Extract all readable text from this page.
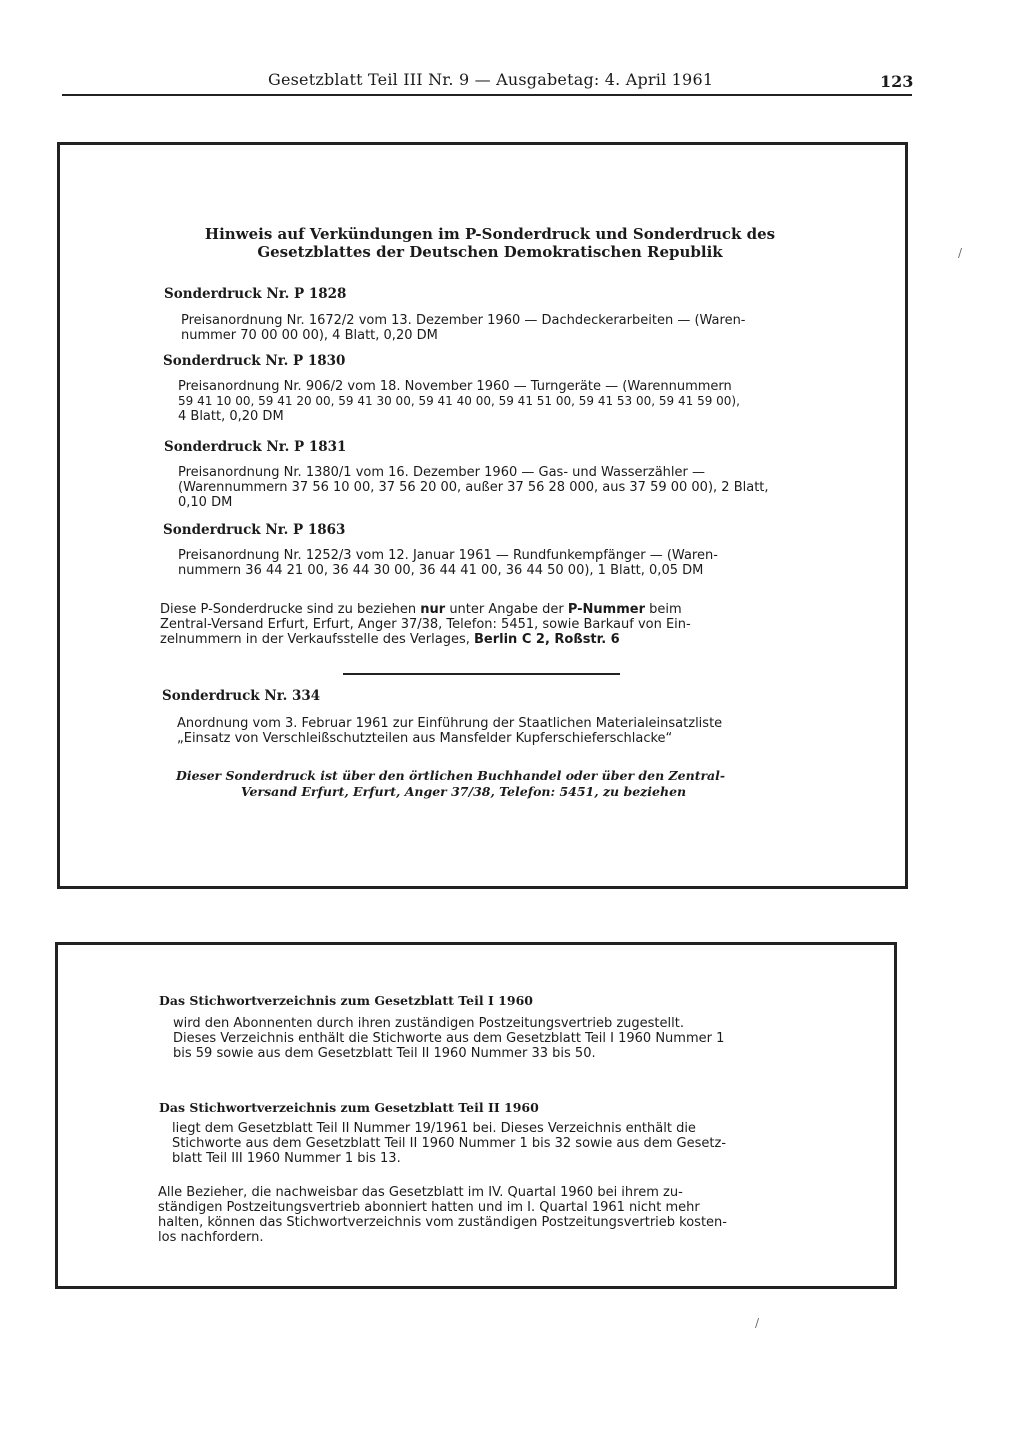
Gesetzblatt Teil III Nr. 9 — Ausgabetag: 4. April 1961	123
Hinweis auf Verkündungen im P-Sonderdruck und Sonderdruck des
Gesetzblattes der Deutschen Demokratischen Republik
Sonderdruck Nr. P 1828
Preisanordnung Nr. 1672/2 vom 13. Dezember 1960 — Dachdeckerarbeiten — (Waren-
nummer 70 00 00 00), 4 Blatt, 0,20 DM
Sonderdruck Nr. P 1830
Preisanordnung Nr. 906/2 vom 18. November 1960 — Turngeräte — (Warennummern
59 41 10 00, 59 41 20 00, 59 41 30 00, 59 41 40 00, 59 41 51 00, 59 41 53 00, 59 41 59 00),
4 Blatt, 0,20 DM
Sonderdruck Nr. P 1831
Preisanordnung Nr. 1380/1 vom 16. Dezember 1960 — Gas- und Wasserzähler —
(Warennummern 37 56 10 00, 37 56 20 00, außer 37 56 28 000, aus 37 59 00 00), 2 Blatt,
0,10 DM
Sonderdruck Nr. P 1863
Preisanordnung Nr. 1252/3 vom 12. Januar 1961 — Rundfunkempfänger — (Waren-
nummern 36 44 21 00, 36 44 30 00, 36 44 41 00, 36 44 50 00), 1 Blatt, 0,05 DM
Diese P-Sonderdrucke sind zu beziehen nur unter Angabe der P-Nummer beim
Zentral-Versand Erfurt, Erfurt, Anger 37/38, Telefon: 5451, sowie Barkauf von Ein-
zelnummern in der Verkaufsstelle des Verlages, Berlin C 2, Roßstr. 6
Sonderdruck Nr. 334
Anordnung vom 3. Februar 1961 zur Einführung der Staatlichen Materialeinsatzliste
„Einsatz von Verschleißschutzteilen aus Mansfelder Kupferschieferschlacke“
Dieser Sonderdruck ist über den örtlichen Buchhandel oder über den Zentral-
Versand Erfurt, Erfurt, Anger 37/38, Telefon: 5451, zu beziehen
Das Stichwortverzeichnis zum Gesetzblatt Teil I 1960
wird den Abonnenten durch ihren zuständigen Postzeitungsvertrieb zugestellt.
Dieses Verzeichnis enthält die Stichworte aus dem Gesetzblatt Teil I 1960 Nummer 1
bis 59 sowie aus dem Gesetzblatt Teil II 1960 Nummer 33 bis 50.
Das Stichwortverzeichnis zum Gesetzblatt Teil II 1960
liegt dem Gesetzblatt Teil II Nummer 19/1961 bei. Dieses Verzeichnis enthält die
Stichworte aus dem Gesetzblatt Teil II 1960 Nummer 1 bis 32 sowie aus dem Gesetz-
blatt Teil III 1960 Nummer 1 bis 13.
Alle Bezieher, die nachweisbar das Gesetzblatt im IV. Quartal 1960 bei ihrem zu-
ständigen Postzeitungsvertrieb abonniert hatten und im I. Quartal 1961 nicht mehr
halten, können das Stichwortverzeichnis vom zuständigen Postzeitungsvertrieb kosten-
los nachfordern.
/
/
